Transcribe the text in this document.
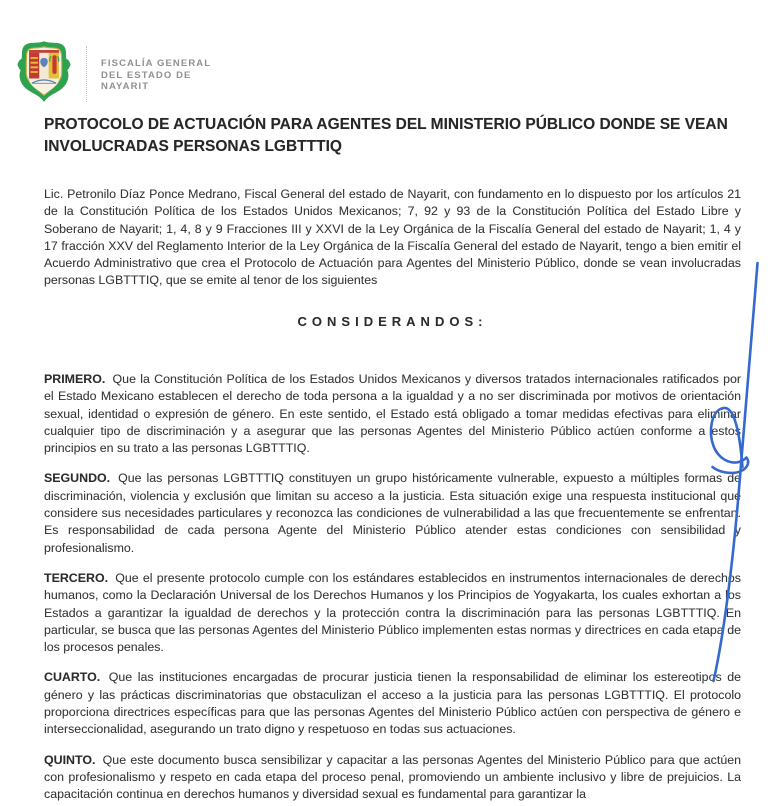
FISCALÍA GENERAL
DEL ESTADO DE
NAYARIT
PROTOCOLO DE ACTUACIÓN PARA AGENTES DEL MINISTERIO PÚBLICO DONDE SE VEAN INVOLUCRADAS PERSONAS LGBTTTIQ

Lic. Petronilo Díaz Ponce Medrano, Fiscal General del estado de Nayarit, con fundamento en lo dispuesto por los artículos 21 de la Constitución Política de los Estados Unidos Mexicanos; 7, 92 y 93 de la Constitución Política del Estado Libre y Soberano de Nayarit; 1, 4, 8 y 9 Fracciones III y XXVI de la Ley Orgánica de la Fiscalía General del estado de Nayarit; 1, 4 y 17 fracción XXV del Reglamento Interior de la Ley Orgánica de la Fiscalía General del estado de Nayarit, tengo a bien emitir el Acuerdo Administrativo que crea el Protocolo de Actuación para Agentes del Ministerio Público, donde se vean involucradas personas LGBTTTIQ, que se emite al tenor de los siguientes

CONSIDERANDOS:

PRIMERO. Que la Constitución Política de los Estados Unidos Mexicanos y diversos tratados internacionales ratificados por el Estado Mexicano establecen el derecho de toda persona a la igualdad y a no ser discriminada por motivos de orientación sexual, identidad o expresión de género. En este sentido, el Estado está obligado a tomar medidas efectivas para eliminar cualquier tipo de discriminación y a asegurar que las personas Agentes del Ministerio Público actúen conforme a estos principios en su trato a las personas LGBTTTIQ.

SEGUNDO. Que las personas LGBTTTIQ constituyen un grupo históricamente vulnerable, expuesto a múltiples formas de discriminación, violencia y exclusión que limitan su acceso a la justicia. Esta situación exige una respuesta institucional que considere sus necesidades particulares y reconozca las condiciones de vulnerabilidad a las que frecuentemente se enfrentan. Es responsabilidad de cada persona Agente del Ministerio Público atender estas condiciones con sensibilidad y profesionalismo.

TERCERO. Que el presente protocolo cumple con los estándares establecidos en instrumentos internacionales de derechos humanos, como la Declaración Universal de los Derechos Humanos y los Principios de Yogyakarta, los cuales exhortan a los Estados a garantizar la igualdad de derechos y la protección contra la discriminación para las personas LGBTTTIQ. En particular, se busca que las personas Agentes del Ministerio Público implementen estas normas y directrices en cada etapa de los procesos penales.

CUARTO. Que las instituciones encargadas de procurar justicia tienen la responsabilidad de eliminar los estereotipos de género y las prácticas discriminatorias que obstaculizan el acceso a la justicia para las personas LGBTTTIQ. El protocolo proporciona directrices específicas para que las personas Agentes del Ministerio Público actúen con perspectiva de género e interseccionalidad, asegurando un trato digno y respetuoso en todas sus actuaciones.

QUINTO. Que este documento busca sensibilizar y capacitar a las personas Agentes del Ministerio Público para que actúen con profesionalismo y respeto en cada etapa del proceso penal, promoviendo un ambiente inclusivo y libre de prejuicios. La capacitación continua en derechos humanos y diversidad sexual es fundamental para garantizar la
